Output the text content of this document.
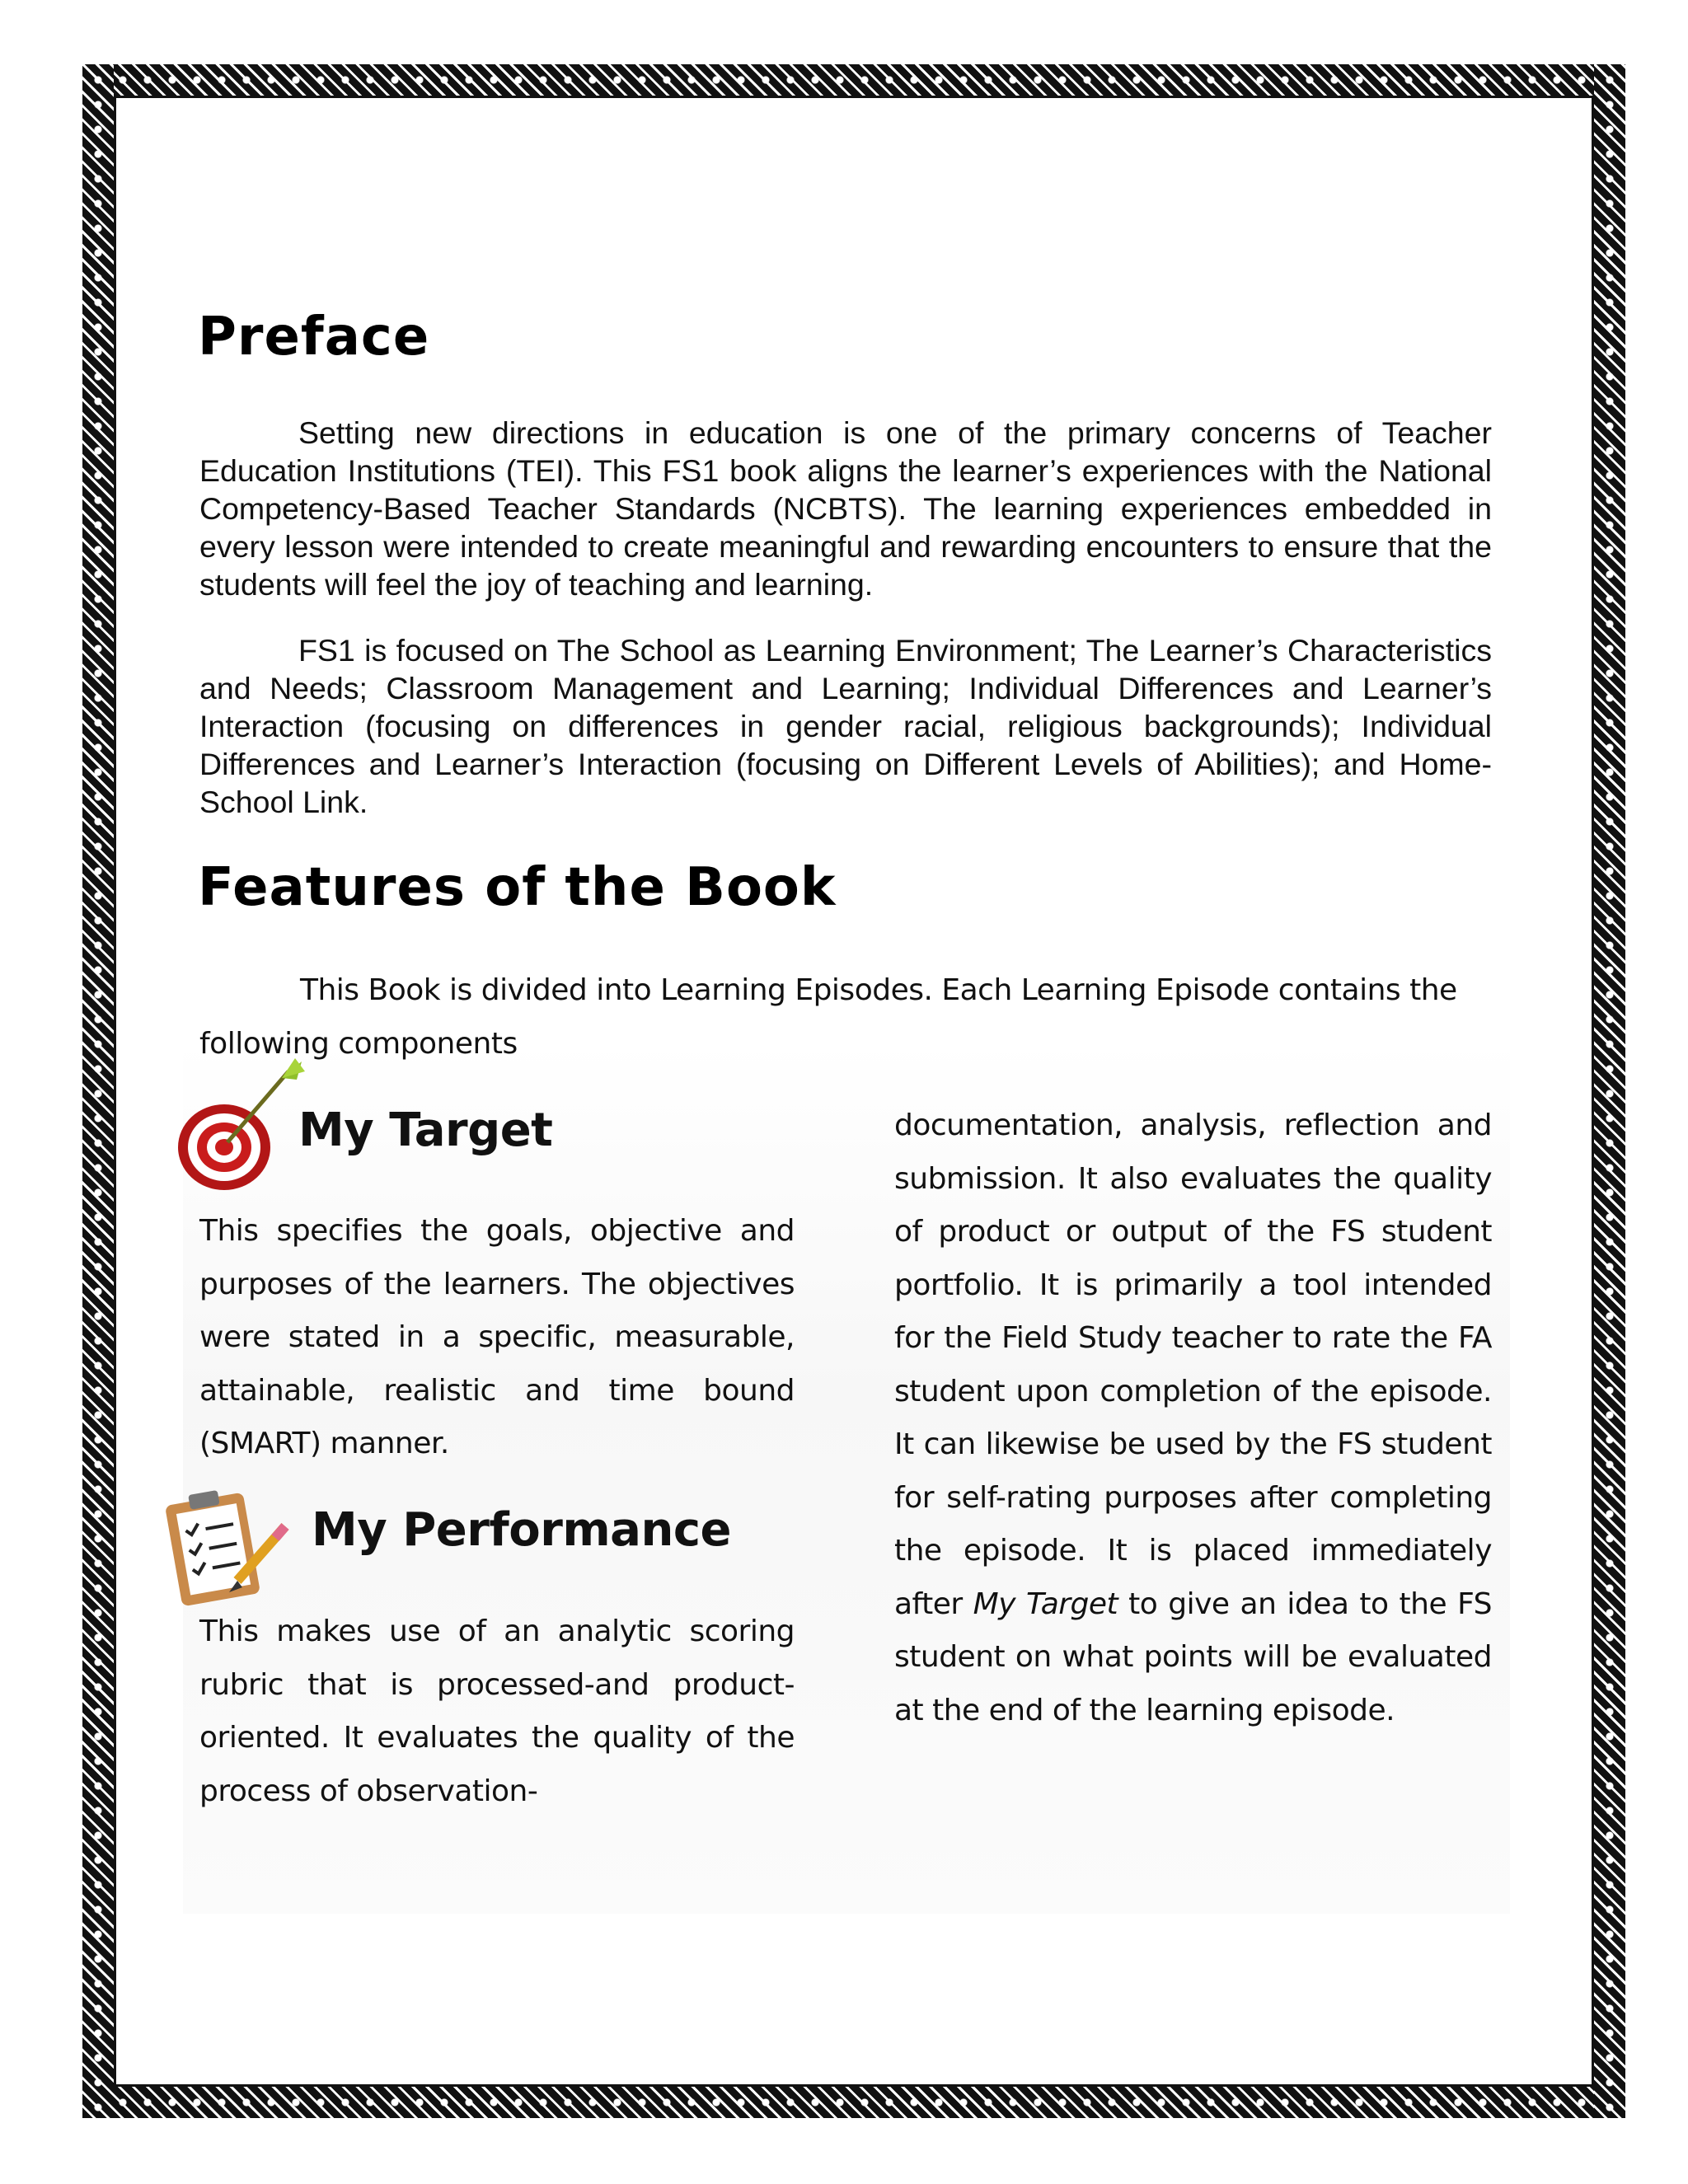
Preface

Setting new directions in education is one of the primary concerns of Teacher Education Institutions (TEI). This FS1 book aligns the learner’s experiences with the National Competency-Based Teacher Standards (NCBTS). The learning experiences embedded in every lesson were intended to create meaningful and rewarding encounters to ensure that the students will feel the joy of teaching and learning.

FS1 is focused on The School as Learning Environment; The Learner’s Characteristics and Needs; Classroom Management and Learning; Individual Differences and Learner’s Interaction (focusing on differences in gender racial, religious backgrounds); Individual Differences and Learner’s Interaction (focusing on Different Levels of Abilities); and Home-School Link.

Features of the Book

This Book is divided into Learning Episodes. Each Learning Episode contains the following components

My Target

This specifies the goals, objective and purposes of the learners. The objectives were stated in a specific, measurable, attainable, realistic and time bound (SMART) manner.

My Performance

This makes use of an analytic scoring rubric that is processed-and product-oriented. It evaluates the quality of the process of observation-

documentation, analysis, reflection and submission. It also evaluates the quality of product or output of the FS student portfolio. It is primarily a tool intended for the Field Study teacher to rate the FA student upon completion of the episode. It can likewise be used by the FS student for self-rating purposes after completing the episode. It is placed immediately after My Target to give an idea to the FS student on what points will be evaluated at the end of the learning episode.
